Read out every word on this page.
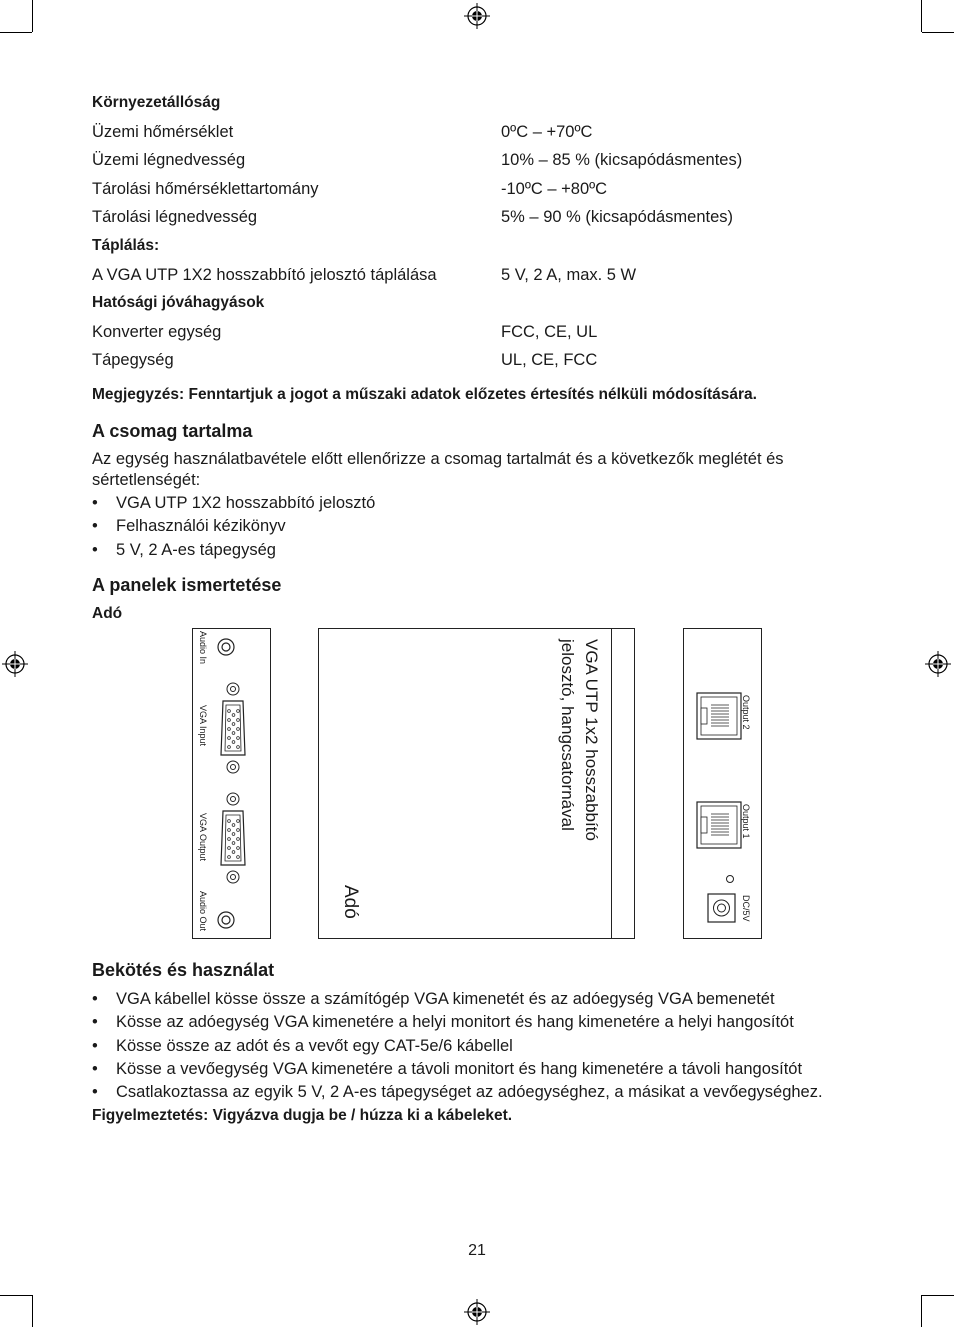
Környezetállóság
Üzemi hőmérséklet	0ºC – +70ºC
Üzemi légnedvesség	10% – 85 % (kicsapódásmentes)
Tárolási hőmérséklettartomány	-10ºC – +80ºC
Tárolási légnedvesség	5% – 90 % (kicsapódásmentes)
Táplálás:
A VGA UTP 1X2 hosszabbító jelosztó táplálása	5 V, 2 A, max. 5 W
Hatósági jóváhagyások
Konverter egység	FCC, CE, UL
Tápegység	UL, CE, FCC
Megjegyzés: Fenntartjuk a jogot a műszaki adatok előzetes értesítés nélküli módosítására.
A csomag tartalma
Az egység használatbavétele előtt ellenőrizze a csomag tartalmát és a következők meglétét és
sértetlenségét:
• VGA UTP 1X2 hosszabbító jelosztó
• Felhasználói kézikönyv
• 5 V, 2 A-es tápegység
A panelek ismertetése
Adó
Audio In
VGA Input
VGA Output
Audio Out
VGA UTP 1x2 hosszabbító
jelosztó, hangcsatornával
Adó
Output 2
Output 1
DC/5V
Bekötés és használat
• VGA kábellel kösse össze a számítógép VGA kimenetét és az adóegység VGA bemenetét
• Kösse az adóegység VGA kimenetére a helyi monitort és hang kimenetére a helyi hangosítót
• Kösse össze az adót és a vevőt egy CAT-5e/6 kábellel
• Kösse a vevőegység VGA kimenetére a távoli monitort és hang kimenetére a távoli hangosítót
• Csatlakoztassa az egyik 5 V, 2 A-es tápegységet az adóegységhez, a másikat a vevőegységhez.
Figyelmeztetés: Vigyázva dugja be / húzza ki a kábeleket.
21
